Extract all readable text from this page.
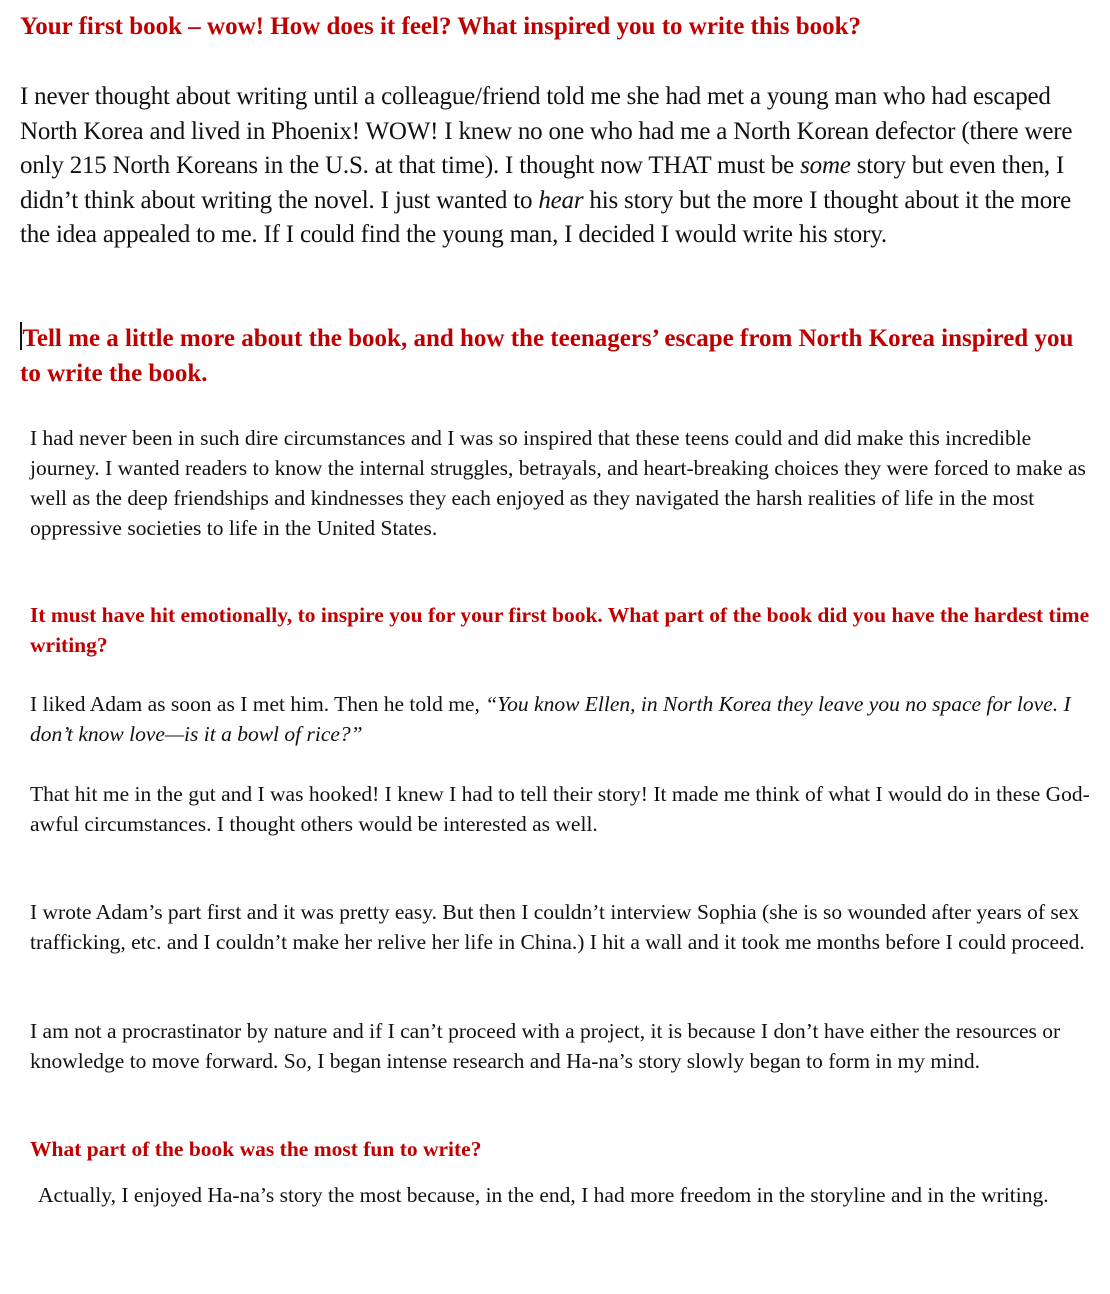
Your first book – wow! How does it feel? What inspired you to write this book?

I never thought about writing until a colleague/friend told me she had met a young man who had escaped North Korea and lived in Phoenix! WOW! I knew no one who had me a North Korean defector (there were only 215 North Koreans in the U.S. at that time). I thought now THAT must be some story but even then, I didn’t think about writing the novel. I just wanted to hear his story but the more I thought about it the more the idea appealed to me. If I could find the young man, I decided I would write his story.

Tell me a little more about the book, and how the teenagers’ escape from North Korea inspired you to write the book.

I had never been in such dire circumstances and I was so inspired that these teens could and did make this incredible journey. I wanted readers to know the internal struggles, betrayals, and heart-breaking choices they were forced to make as well as the deep friendships and kindnesses they each enjoyed as they navigated the harsh realities of life in the most oppressive societies to life in the United States.

It must have hit emotionally, to inspire you for your first book. What part of the book did you have the hardest time writing?

I liked Adam as soon as I met him. Then he told me, “You know Ellen, in North Korea they leave you no space for love. I don’t know love—is it a bowl of rice?”

That hit me in the gut and I was hooked! I knew I had to tell their story! It made me think of what I would do in these God-awful circumstances. I thought others would be interested as well.

I wrote Adam’s part first and it was pretty easy. But then I couldn’t interview Sophia (she is so wounded after years of sex trafficking, etc. and I couldn’t make her relive her life in China.) I hit a wall and it took me months before I could proceed.

I am not a procrastinator by nature and if I can’t proceed with a project, it is because I don’t have either the resources or knowledge to move forward. So, I began intense research and Ha-na’s story slowly began to form in my mind.

What part of the book was the most fun to write?

Actually, I enjoyed Ha-na’s story the most because, in the end, I had more freedom in the storyline and in the writing.
